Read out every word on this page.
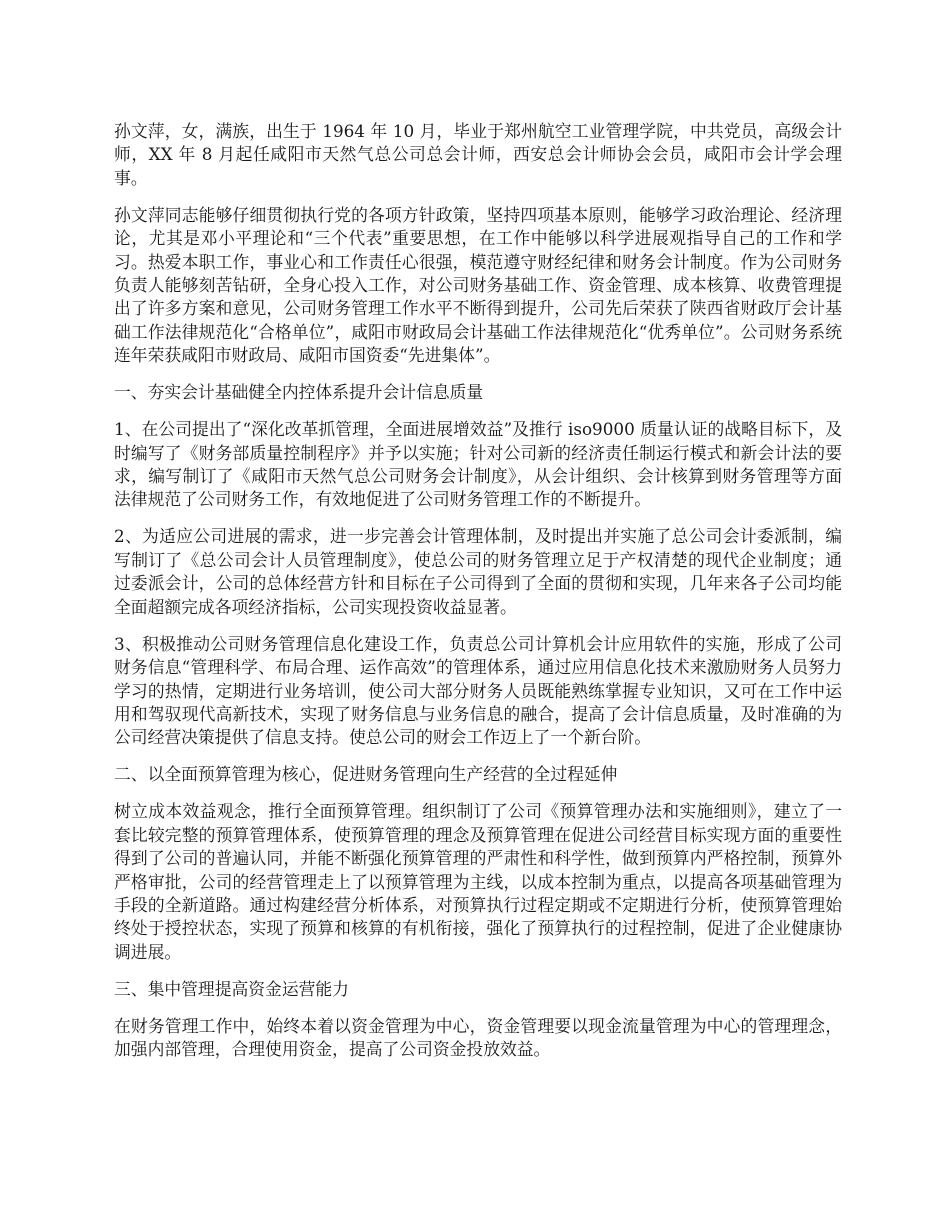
孙文萍，女，满族，出生于 1964 年 10 月，毕业于郑州航空工业管理学院，中共党员，高级会计师，XX 年 8 月起任咸阳市天然气总公司总会计师，西安总会计师协会会员，咸阳市会计学会理事。

孙文萍同志能够仔细贯彻执行党的各项方针政策，坚持四项基本原则，能够学习政治理论、经济理论，尤其是邓小平理论和“三个代表”重要思想，在工作中能够以科学进展观指导自己的工作和学习。热爱本职工作，事业心和工作责任心很强，模范遵守财经纪律和财务会计制度。作为公司财务负责人能够刻苦钻研，全身心投入工作，对公司财务基础工作、资金管理、成本核算、收费管理提出了许多方案和意见，公司财务管理工作水平不断得到提升，公司先后荣获了陕西省财政厅会计基础工作法律规范化“合格单位”，咸阳市财政局会计基础工作法律规范化“优秀单位”。公司财务系统连年荣获咸阳市财政局、咸阳市国资委“先进集体”。

一、夯实会计基础健全内控体系提升会计信息质量

1、在公司提出了“深化改革抓管理，全面进展增效益”及推行 iso9000 质量认证的战略目标下，及时编写了《财务部质量控制程序》并予以实施；针对公司新的经济责任制运行模式和新会计法的要求，编写制订了《咸阳市天然气总公司财务会计制度》，从会计组织、会计核算到财务管理等方面法律规范了公司财务工作，有效地促进了公司财务管理工作的不断提升。

2、为适应公司进展的需求，进一步完善会计管理体制，及时提出并实施了总公司会计委派制，编写制订了《总公司会计人员管理制度》，使总公司的财务管理立足于产权清楚的现代企业制度；通过委派会计，公司的总体经营方针和目标在子公司得到了全面的贯彻和实现，几年来各子公司均能全面超额完成各项经济指标，公司实现投资收益显著。

3、积极推动公司财务管理信息化建设工作，负责总公司计算机会计应用软件的实施，形成了公司财务信息“管理科学、布局合理、运作高效”的管理体系，通过应用信息化技术来激励财务人员努力学习的热情，定期进行业务培训，使公司大部分财务人员既能熟练掌握专业知识，又可在工作中运用和驾驭现代高新技术，实现了财务信息与业务信息的融合，提高了会计信息质量，及时准确的为公司经营决策提供了信息支持。使总公司的财会工作迈上了一个新台阶。

二、以全面预算管理为核心，促进财务管理向生产经营的全过程延伸

树立成本效益观念，推行全面预算管理。组织制订了公司《预算管理办法和实施细则》，建立了一套比较完整的预算管理体系，使预算管理的理念及预算管理在促进公司经营目标实现方面的重要性得到了公司的普遍认同，并能不断强化预算管理的严肃性和科学性，做到预算内严格控制，预算外严格审批，公司的经营管理走上了以预算管理为主线，以成本控制为重点，以提高各项基础管理为手段的全新道路。通过构建经营分析体系，对预算执行过程定期或不定期进行分析，使预算管理始终处于授控状态，实现了预算和核算的有机衔接，强化了预算执行的过程控制，促进了企业健康协调进展。

三、集中管理提高资金运营能力

在财务管理工作中，始终本着以资金管理为中心，资金管理要以现金流量管理为中心的管理理念，加强内部管理，合理使用资金，提高了公司资金投放效益。
